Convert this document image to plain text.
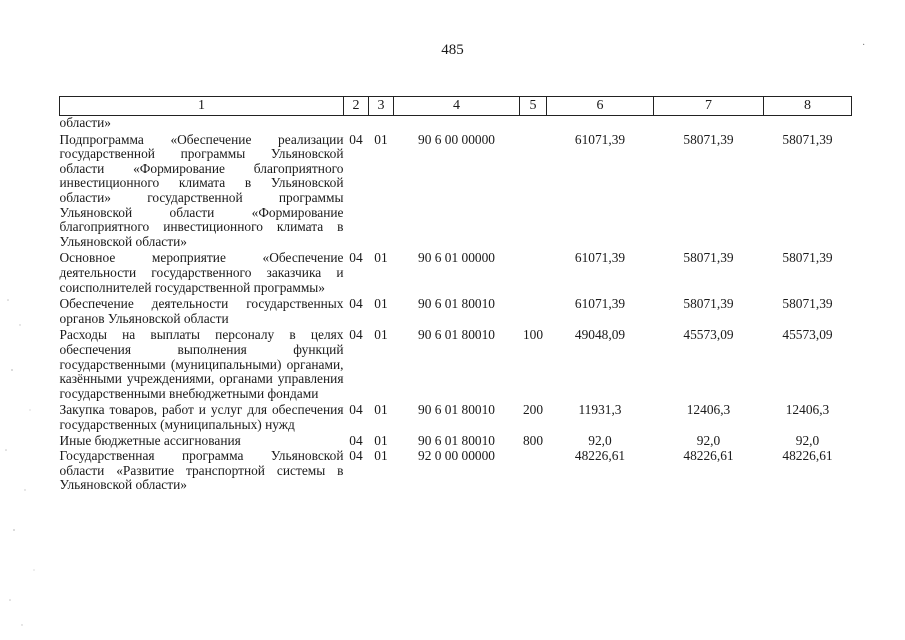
485
1	2	3	4	5	6	7	8
области»							
Подпрограмма «Обеспечение реализации государственной программы Ульяновской области «Формирование благоприятного инвестиционного климата в Ульяновской области» государственной программы Ульяновской области «Формирование благоприятного инвестиционного климата в Ульяновской области»	04	01	90 6 00 00000		61071,39	58071,39	58071,39
Основное мероприятие «Обеспечение деятельности государственного заказчика и соисполнителей государственной программы»	04	01	90 6 01 00000		61071,39	58071,39	58071,39
Обеспечение деятельности государственных органов Ульяновской области	04	01	90 6 01 80010		61071,39	58071,39	58071,39
Расходы на выплаты персоналу в целях обеспечения выполнения функций государственными (муниципальными) органами, казёнными учреждениями, органами управления государственными внебюджетными фондами	04	01	90 6 01 80010	100	49048,09	45573,09	45573,09
Закупка товаров, работ и услуг для обеспечения государственных (муниципальных) нужд	04	01	90 6 01 80010	200	11931,3	12406,3	12406,3
Иные бюджетные ассигнования	04	01	90 6 01 80010	800	92,0	92,0	92,0
Государственная программа Ульяновской области «Развитие транспортной системы в Ульяновской области»	04	01	92 0 00 00000		48226,61	48226,61	48226,61
·
